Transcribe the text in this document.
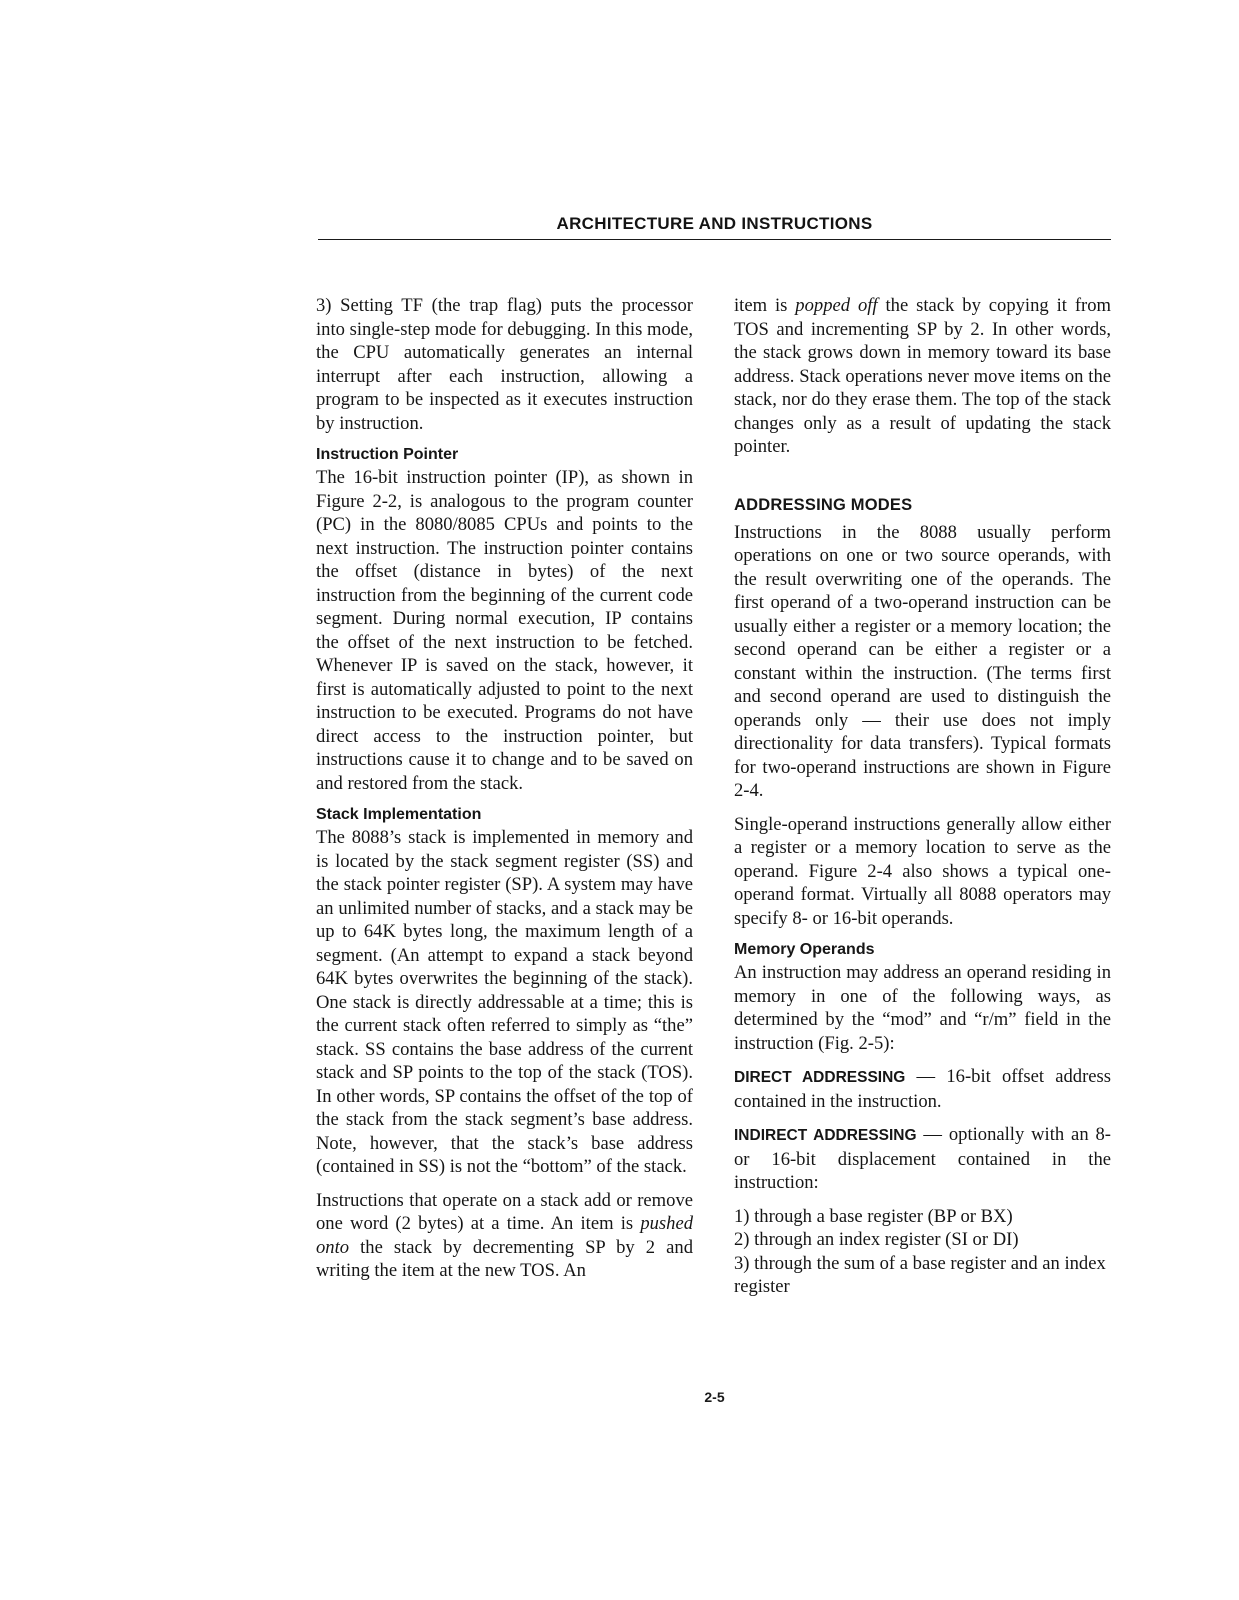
ARCHITECTURE AND INSTRUCTIONS

3) Setting TF (the trap flag) puts the processor into single-step mode for debugging. In this mode, the CPU automatically generates an internal interrupt after each instruction, allowing a program to be inspected as it executes instruction by instruction.

Instruction Pointer

The 16-bit instruction pointer (IP), as shown in Figure 2-2, is analogous to the program counter (PC) in the 8080/8085 CPUs and points to the next instruction. The instruction pointer contains the offset (distance in bytes) of the next instruction from the beginning of the current code segment. During normal execution, IP contains the offset of the next instruction to be fetched. Whenever IP is saved on the stack, however, it first is automatically adjusted to point to the next instruction to be executed. Programs do not have direct access to the instruction pointer, but instructions cause it to change and to be saved on and restored from the stack.

Stack Implementation

The 8088’s stack is implemented in memory and is located by the stack segment register (SS) and the stack pointer register (SP). A system may have an unlimited number of stacks, and a stack may be up to 64K bytes long, the maximum length of a segment. (An attempt to expand a stack beyond 64K bytes overwrites the beginning of the stack). One stack is directly addressable at a time; this is the current stack often referred to simply as “the” stack. SS contains the base address of the current stack and SP points to the top of the stack (TOS). In other words, SP contains the offset of the top of the stack from the stack segment’s base address. Note, however, that the stack’s base address (contained in SS) is not the “bottom” of the stack.

Instructions that operate on a stack add or remove one word (2 bytes) at a time. An item is pushed onto the stack by decrementing SP by 2 and writing the item at the new TOS. An

item is popped off the stack by copying it from TOS and incrementing SP by 2. In other words, the stack grows down in memory toward its base address. Stack operations never move items on the stack, nor do they erase them. The top of the stack changes only as a result of updating the stack pointer.

ADDRESSING MODES

Instructions in the 8088 usually perform operations on one or two source operands, with the result overwriting one of the operands. The first operand of a two-operand instruction can be usually either a register or a memory location; the second operand can be either a register or a constant within the instruction. (The terms first and second operand are used to distinguish the operands only — their use does not imply directionality for data transfers). Typical formats for two-operand instructions are shown in Figure 2-4.

Single-operand instructions generally allow either a register or a memory location to serve as the operand. Figure 2-4 also shows a typical one-operand format. Virtually all 8088 operators may specify 8- or 16-bit operands.

Memory Operands

An instruction may address an operand residing in memory in one of the following ways, as determined by the “mod” and “r/m” field in the instruction (Fig. 2-5):

DIRECT ADDRESSING — 16-bit offset address contained in the instruction.

INDIRECT ADDRESSING — optionally with an 8- or 16-bit displacement contained in the instruction:

1) through a base register (BP or BX)
2) through an index register (SI or DI)
3) through the sum of a base register and an index register
2-5
